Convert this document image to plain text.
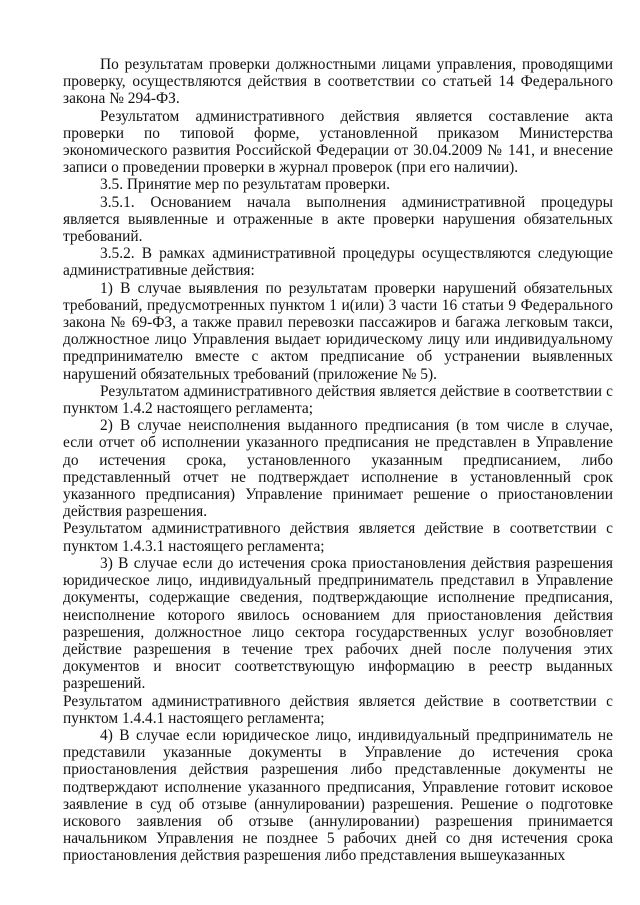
По результатам проверки должностными лицами управления, проводящими проверку, осуществляются действия в соответствии со статьей 14 Федерального закона № 294-ФЗ.

Результатом административного действия является составление акта проверки по типовой форме, установленной приказом Министерства экономического развития Российской Федерации от 30.04.2009 № 141, и внесение записи о проведении проверки в журнал проверок (при его наличии).

3.5. Принятие мер по результатам проверки.

3.5.1. Основанием начала выполнения административной процедуры является выявленные и отраженные в акте проверки нарушения обязательных требований.

3.5.2. В рамках административной процедуры осуществляются следующие административные действия:

1) В случае выявления по результатам проверки нарушений обязательных требований, предусмотренных пунктом 1 и(или) 3 части 16 статьи 9 Федерального закона № 69-ФЗ, а также правил перевозки пассажиров и багажа легковым такси, должностное лицо Управления выдает юридическому лицу или индивидуальному предпринимателю вместе с актом предписание об устранении выявленных нарушений обязательных требований (приложение № 5).

Результатом административного действия является действие в соответствии с пунктом 1.4.2 настоящего регламента;

2) В случае неисполнения выданного предписания (в том числе в случае, если отчет об исполнении указанного предписания не представлен в Управление до истечения срока, установленного указанным предписанием, либо представленный отчет не подтверждает исполнение в установленный срок указанного предписания) Управление принимает решение о приостановлении действия разрешения.

Результатом административного действия является действие в соответствии с пунктом 1.4.3.1 настоящего регламента;

3) В случае если до истечения срока приостановления действия разрешения юридическое лицо, индивидуальный предприниматель представил в Управление документы, содержащие сведения, подтверждающие исполнение предписания, неисполнение которого явилось основанием для приостановления действия разрешения, должностное лицо сектора государственных услуг возобновляет действие разрешения в течение трех рабочих дней после получения этих документов и вносит соответствующую информацию в реестр выданных разрешений.

Результатом административного действия является действие в соответствии с пунктом 1.4.4.1 настоящего регламента;

4) В случае если юридическое лицо, индивидуальный предприниматель не представили указанные документы в Управление до истечения срока приостановления действия разрешения либо представленные документы не подтверждают исполнение указанного предписания, Управление готовит исковое заявление в суд об отзыве (аннулировании) разрешения. Решение о подготовке искового заявления об отзыве (аннулировании) разрешения принимается начальником Управления не позднее 5 рабочих дней со дня истечения срока приостановления действия разрешения либо представления вышеуказанных
